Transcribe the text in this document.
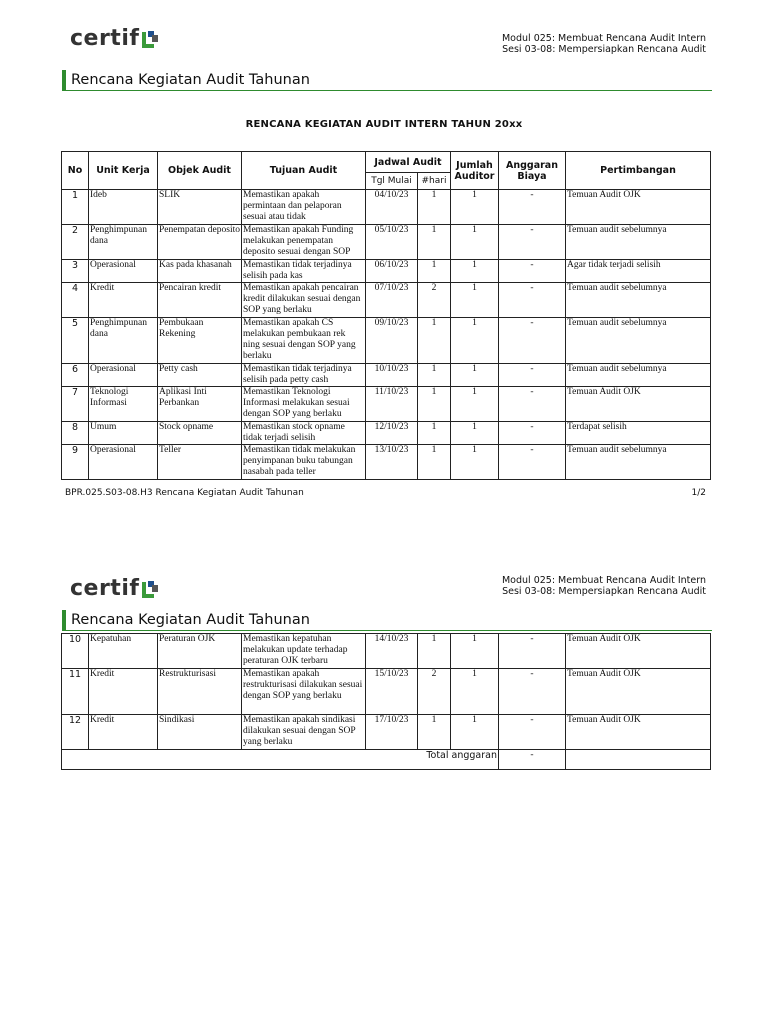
certif	Modul 025: Membuat Rencana Audit Intern
Sesi 03-08: Mempersiapkan Rencana Audit
Rencana Kegiatan Audit Tahunan
RENCANA KEGIATAN AUDIT INTERN TAHUN 20xx
No	Unit Kerja	Objek Audit	Tujuan Audit	Jadwal Audit		Jumlah Auditor	Anggaran Biaya	Pertimbangan
				Tgl Mulai	#hari			
1	Ideb	SLIK	Memastikan apakah permintaan dan pelaporan sesuai atau tidak	04/10/23	1	1	-	Temuan Audit OJK
2	Penghimpunan dana	Penempatan deposito	Memastikan apakah Funding melakukan penempatan deposito sesuai dengan SOP	05/10/23	1	1	-	Temuan audit sebelumnya
3	Operasional	Kas pada khasanah	Memastikan tidak terjadinya selisih pada kas	06/10/23	1	1	-	Agar tidak terjadi selisih
4	Kredit	Pencairan kredit	Memastikan apakah pencairan kredit dilakukan sesuai dengan SOP yang berlaku	07/10/23	2	1	-	Temuan audit sebelumnya
5	Penghimpunan dana	Pembukaan Rekening	Memastikan apakah CS melakukan pembukaan rek ning sesuai dengan SOP yang berlaku	09/10/23	1	1	-	Temuan audit sebelumnya
6	Operasional	Petty cash	Memastikan tidak terjadinya selisih pada petty cash	10/10/23	1	1	-	Temuan audit sebelumnya
7	Teknologi Informasi	Aplikasi Inti Perbankan	Memastikan Teknologi Informasi melakukan sesuai dengan SOP yang berlaku	11/10/23	1	1	-	Temuan Audit OJK
8	Umum	Stock opname	Memastikan stock opname tidak terjadi selisih	12/10/23	1	1	-	Terdapat selisih
9	Operasional	Teller	Memastikan tidak melakukan penyimpanan buku tabungan nasabah pada teller	13/10/23	1	1	-	Temuan audit sebelumnya
BPR.025.S03-08.H3 Rencana Kegiatan Audit Tahunan	1/2
certif	Modul 025: Membuat Rencana Audit Intern
Sesi 03-08: Mempersiapkan Rencana Audit
Rencana Kegiatan Audit Tahunan
10	Kepatuhan	Peraturan OJK	Memastikan kepatuhan melakukan update terhadap peraturan OJK terbaru	14/10/23	1	1	-	Temuan Audit OJK
11	Kredit	Restrukturisasi	Memastikan apakah restrukturisasi dilakukan sesuai dengan SOP yang berlaku	15/10/23	2	1	-	Temuan Audit OJK
12	Kredit	Sindikasi	Memastikan apakah sindikasi dilakukan sesuai dengan SOP yang berlaku	17/10/23	1	1	-	Temuan Audit OJK
Total anggaran							-	
